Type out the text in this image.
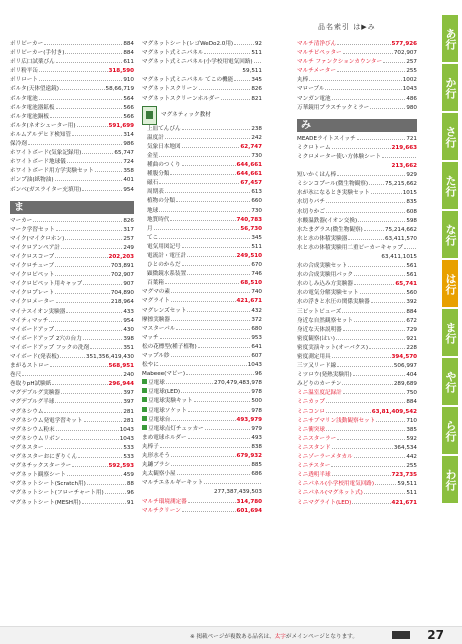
品名索引 は▶み
ポリピーカー	884
ポリピーカー(手付き)	884
ポリ広口試薬びん	611
ポリ粉平缶	318,590
ポリロート	910
ボルタ(天体望遠鏡)	58,66,719
ボルタ電池	564
ボルタ電池器鉱板	566
ボルタ電池銅板	566
ボルタ(ネオシューター用)	591,699
ホルムアルデヒド検知管	314
保冷剤	986
ホワイトボード(気象記録用)	65,747
ホワイトボード地球儀	724
ホワイトボード用方学実験セット	358
ポンプ油(紙物油)	401
ボンベ(ガスライター充填用)	954
ま
マーカー	826
マーク学習セット	317
マイク(マイクロホン)	257
マイクロアンペア計	249
マイクロスコープ	202,203
マイクロチューブ	703,891
マイクロピペット	702,907
マイクロピペット用キャップ	907
マイクロプレート	704,890
マイクロメーター	218,964
マイナスイオン実験器	433
マイティマッチ	954
マイボードアップ	430
マイボードアップ 2穴の台力	398
マイボードアップ フックの洗剤	351
マイボード(発表板)	351,356,419,430
まがるストロー	568,951
巻尺	240
巻取りpH試験紙	296,944
マグデブルグ実験器	397
マグデブルグ半球	397
マグネシウム	281
マグネシウム発電学習キット	281
マグネシウム粉末	1043
マグネシウムリボン	1043
マグネスター	533
マグネスターおにぎりくん	533
マグネチックスターラー	592,593
マグネット観察シート	459
マグネットシート(Scratch用)	88
マグネットシート(フローチャート用)	96
マグネットシート(MESH用)	91
マグネットシート(レゴWeDo2.0用)	92
マグネット式ミニパネル	511
マグネット式ミニパネル(小学校用電気回路)
59,511
マグネット式ミニパネル てこの機能	345
マグネットスクリーン	826
マグネットスクリーンホルダー	821
マグネティック教材
上皿てんびん	238
温度計	242
気象日本地図	62,747
金星	730
種曲のつくり	644,661
種腹分類	644,661
磁石	67,457
周期表	613
植物の分類	660
地球	730
地質時代	740,783
月	56,730
てこ	345
電気用図記号	511
電流計・電圧計	249,510
ひとのからだ	670
顕微鏡水系装置	746
百葉箱	68,510
マグマの素	740
マグライト	421,671
マグレンズセット	432
摩擦実験器	372
マスターパル	680
マッチ	953
松の花標型(種子植物)	641
マップル紗	607
松やに	1043
Mabeee(マビー)	96
豆電球	270,479,483,978
豆電球(LED)	978
豆電球実験キット	500
豆電球ソケット	978
豆電球台	493,979
豆電球点灯チェッカー	979
まめ電球ホルダー	493
丸棒子	838
丸形水そう	679,932
丸鑢ブラシ	885
丸太観察小屋	686
マルチエネルギーキット
277,387,439,503
マルチ環境測定器	314,780
マルチクリーン	601,694
マルチ清浄びん	577,926
マルチピペッター	702,907
マルチ ファンクションカウンター	257
マルチメーター	255
丸棒	1002
マローブル	1043
マンガン電池	486
万華鏡用プラスチックミラー	980
み
MEADEライトスイッチ	721
ミクロトーム	219,663
ミクロメーター使い方体験シート
213,662
短いかくはん棒	929
ミシンコプール(微生物観察)	75,215,662
水が氷になるとき実験セット	1015
水切りパチ	835
水切りかご	608
水酸温鉄器(イオン交換)	598
水たまグラス(微生物観察)	75,214,662
水と水の体積実験器	63,411,570
水と水の体積実験用二重ビーカーキャップ
63,411,1015
水の合成実験セット	561
水の合成実験用パック	561
水のしみ込み方実験器	65,741
水の電気分解実験セット	560
水の浮きと水圧の関係実験器	392
三ビットビューズ	884
身近な自然観察セット	672
身近な天体説明器	729
密度観察(はい)	921
密度実演キット(オーバクス)	228
密度測定用具	394,570
三ツ又リード線	506,997
ミツロウ(発熱実験用)	404
みどりのカーテン	289,689
ミニ温室度記録計	750
ミニカップ	884
ミニコンロ	63,81,409,542
ミニサブマリン浅動観察セット	710
ミニ衝突球	385
ミニスターラー	592
ミニスタンド	364,534
ミニゾーラーメタカル	442
ミニテスター	255
ミニ透明半球	723,735
ミニパネル(小学校用電気回路)	59,511
ミニパネル(マグネット式)	511
ミニマグライト(LED)	421,671
あ行
か行
さ行
た行
な行
は行
ま行
や行
ら行
わ行
※ 掲載ページが複数ある品名は、太字がメインページとなります。	27
